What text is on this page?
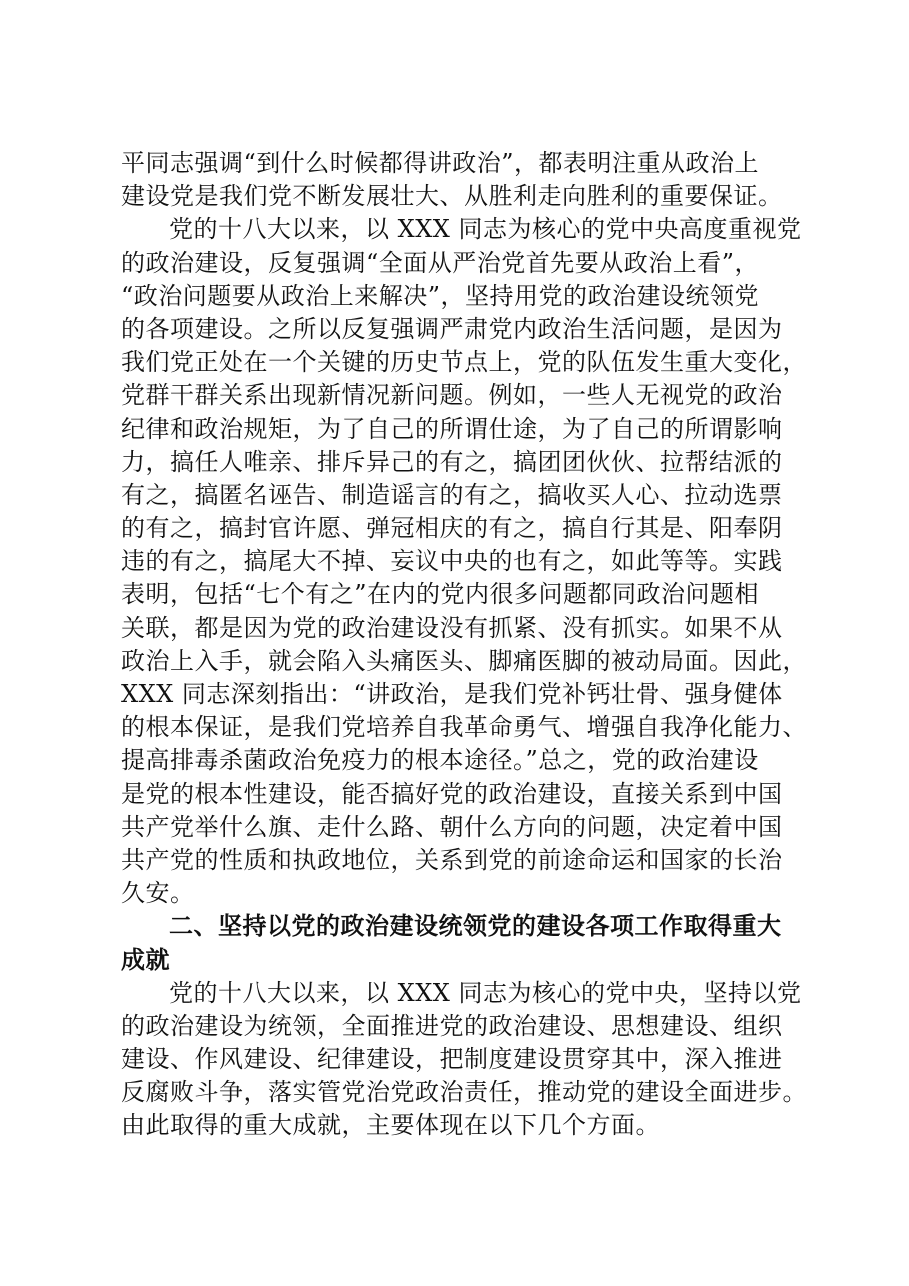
平同志强调“到什么时候都得讲政治”，都表明注重从政治上
建设党是我们党不断发展壮大、从胜利走向胜利的重要保证。
党的十八大以来，以 XXX 同志为核心的党中央高度重视党
的政治建设，反复强调“全面从严治党首先要从政治上看”，
“政治问题要从政治上来解决”，坚持用党的政治建设统领党
的各项建设。之所以反复强调严肃党内政治生活问题，是因为
我们党正处在一个关键的历史节点上，党的队伍发生重大变化，
党群干群关系出现新情况新问题。例如，一些人无视党的政治
纪律和政治规矩，为了自己的所谓仕途，为了自己的所谓影响
力，搞任人唯亲、排斥异己的有之，搞团团伙伙、拉帮结派的
有之，搞匿名诬告、制造谣言的有之，搞收买人心、拉动选票
的有之，搞封官许愿、弹冠相庆的有之，搞自行其是、阳奉阴
违的有之，搞尾大不掉、妄议中央的也有之，如此等等。实践
表明，包括“七个有之”在内的党内很多问题都同政治问题相
关联，都是因为党的政治建设没有抓紧、没有抓实。如果不从
政治上入手，就会陷入头痛医头、脚痛医脚的被动局面。因此，
XXX 同志深刻指出：“讲政治，是我们党补钙壮骨、强身健体
的根本保证，是我们党培养自我革命勇气、增强自我净化能力、
提高排毒杀菌政治免疫力的根本途径。”总之，党的政治建设
是党的根本性建设，能否搞好党的政治建设，直接关系到中国
共产党举什么旗、走什么路、朝什么方向的问题，决定着中国
共产党的性质和执政地位，关系到党的前途命运和国家的长治
久安。
二、坚持以党的政治建设统领党的建设各项工作取得重大
成就
党的十八大以来，以 XXX 同志为核心的党中央，坚持以党
的政治建设为统领，全面推进党的政治建设、思想建设、组织
建设、作风建设、纪律建设，把制度建设贯穿其中，深入推进
反腐败斗争，落实管党治党政治责任，推动党的建设全面进步。
由此取得的重大成就，主要体现在以下几个方面。
